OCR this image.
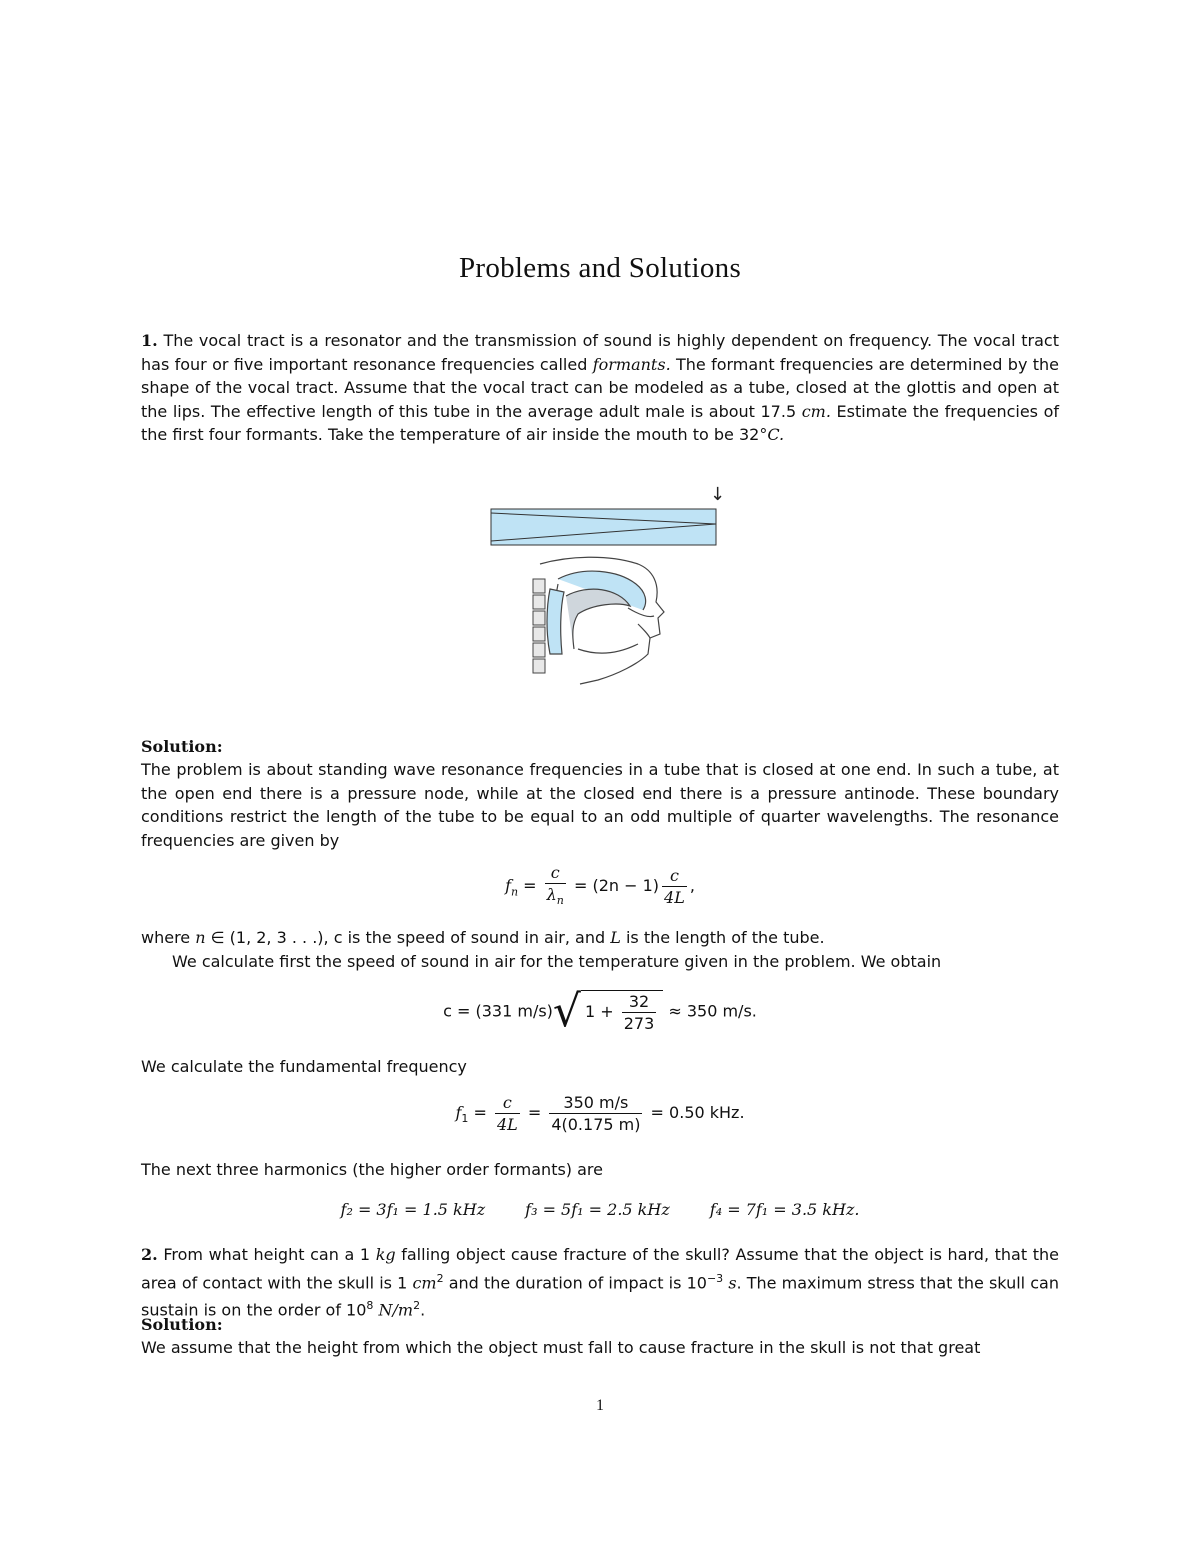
Problems and Solutions

1. The vocal tract is a resonator and the transmission of sound is highly dependent on frequency. The vocal tract has four or five important resonance frequencies called formants. The formant frequencies are determined by the shape of the vocal tract. Assume that the vocal tract can be modeled as a tube, closed at the glottis and open at the lips. The effective length of this tube in the average adult male is about 17.5 cm. Estimate the frequencies of the first four formants. Take the temperature of air inside the mouth to be 32°C.

↓

Solution:

The problem is about standing wave resonance frequencies in a tube that is closed at one end. In such a tube, at the open end there is a pressure node, while at the closed end there is a pressure antinode. These boundary conditions restrict the length of the tube to be equal to an odd multiple of quarter wavelengths. The resonance frequencies are given by

$f_n = \frac{c}{\lambda_n} = (2n - 1) \frac{c}{4L}$ ,

where n ∈ (1, 2, 3 . . .), c is the speed of sound in air, and L is the length of the tube.

We calculate first the speed of sound in air for the temperature given in the problem. We obtain

c = (331 m/s)√ $1 + \frac{32}{273} \approx 350$ m/s.

We calculate the fundamental frequency

$f_1 = \frac{c}{4L} = \frac{350 m/s}{4(0.175 m)} = 0.50$ kHz.

The next three harmonics (the higher order formants) are

f₂ = 3f₁ = 1.5 kHz	f₃ = 5f₁ = 2.5 kHz	f₄ = 7f₁ = 3.5 kHz.

2. From what height can a 1 kg falling object cause fracture of the skull? Assume that the object is hard, that the area of contact with the skull is 1 $cm^2$ and the duration of impact is $10^{-3}$ s. The maximum stress that the skull can sustain is on the order of $10^8$ $N/m^2$.

Solution:

We assume that the height from which the object must fall to cause fracture in the skull is not that great

1
